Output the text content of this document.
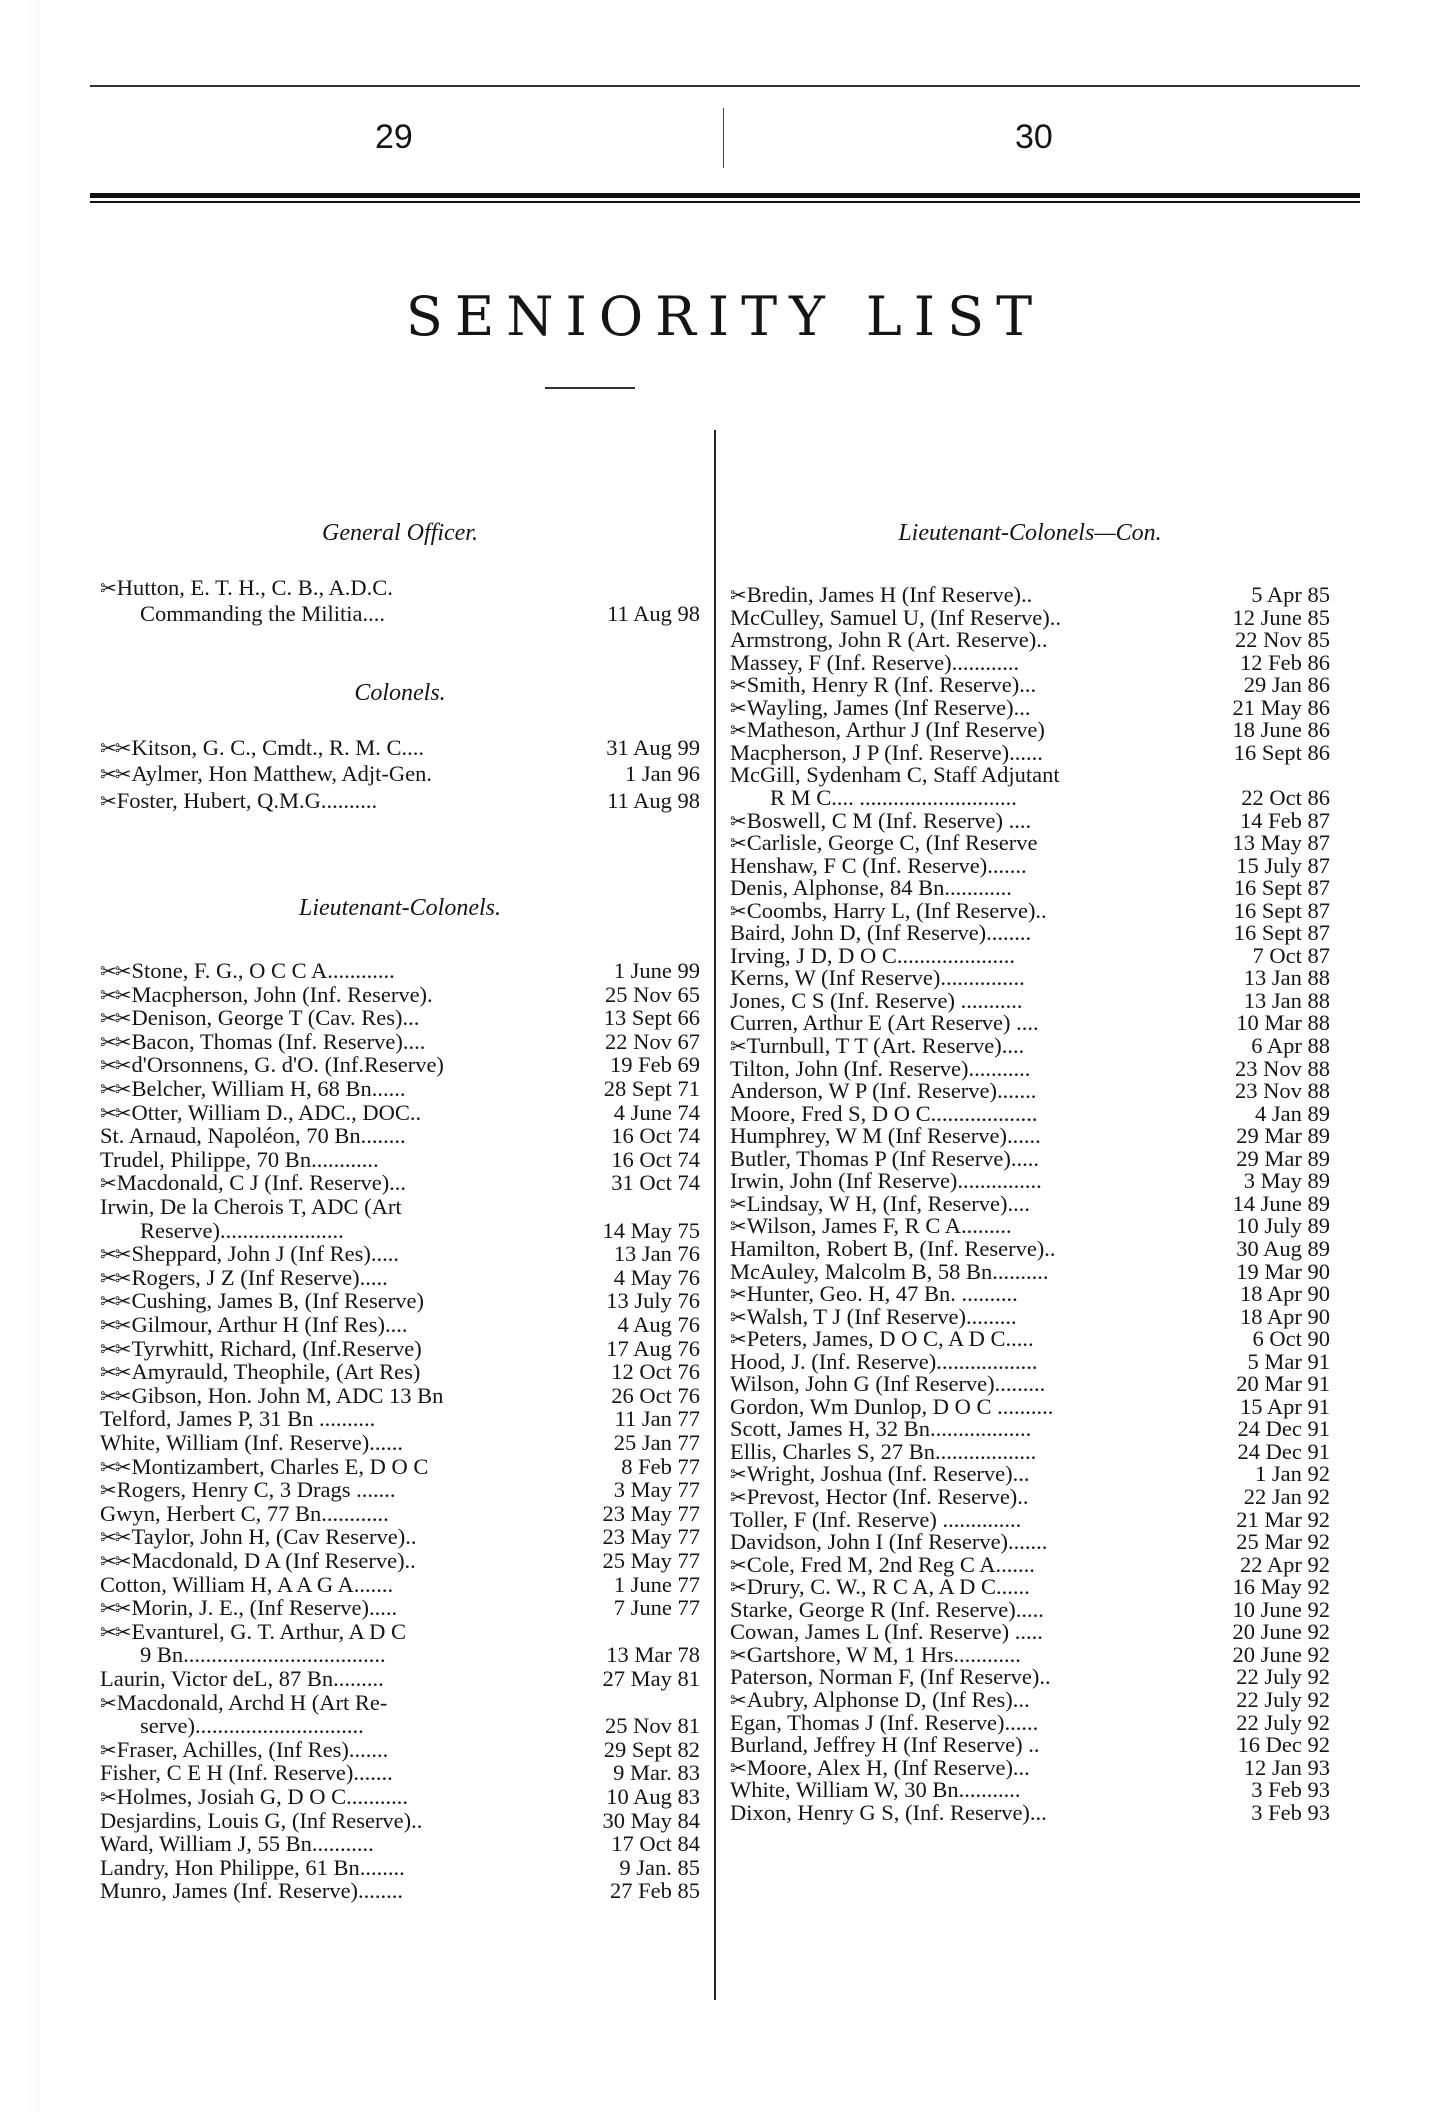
29	30
SENIORITY LIST
General Officer.
✂Hutton, E. T. H., C. B., A.D.C.
Commanding the Militia....	11 Aug 98
Colonels.
✂✂Kitson, G. C., Cmdt., R. M. C....	31 Aug 99
✂✂Aylmer, Hon Matthew, Adjt-Gen.	1 Jan 96
✂Foster, Hubert, Q.M.G..........	11 Aug 98
Lieutenant-Colonels.
✂✂Stone, F. G., O C C A............	1 June 99
✂✂Macpherson, John (Inf. Reserve).	25 Nov 65
✂✂Denison, George T (Cav. Res)...	13 Sept 66
✂✂Bacon, Thomas (Inf. Reserve)....	22 Nov 67
✂✂d'Orsonnens, G. d'O. (Inf.Reserve)	19 Feb 69
✂✂Belcher, William H, 68 Bn......	28 Sept 71
✂✂Otter, William D., ADC., DOC..	4 June 74
St. Arnaud, Napoléon, 70 Bn........	16 Oct 74
Trudel, Philippe, 70 Bn............	16 Oct 74
✂Macdonald, C J (Inf. Reserve)...	31 Oct 74
Irwin, De la Cherois T, ADC (Art
Reserve)......................	14 May 75
✂✂Sheppard, John J (Inf Res).....	13 Jan 76
✂✂Rogers, J Z (Inf Reserve).....	4 May 76
✂✂Cushing, James B, (Inf Reserve)	13 July 76
✂✂Gilmour, Arthur H (Inf Res)....	4 Aug 76
✂✂Tyrwhitt, Richard, (Inf.Reserve)	17 Aug 76
✂✂Amyrauld, Theophile, (Art Res)	12 Oct 76
✂✂Gibson, Hon. John M, ADC 13 Bn	26 Oct 76
Telford, James P, 31 Bn ..........	11 Jan 77
White, William (Inf. Reserve)......	25 Jan 77
✂✂Montizambert, Charles E, D O C	8 Feb 77
✂Rogers, Henry C, 3 Drags .......	3 May 77
Gwyn, Herbert C, 77 Bn............	23 May 77
✂✂Taylor, John H, (Cav Reserve)..	23 May 77
✂✂Macdonald, D A (Inf Reserve)..	25 May 77
Cotton, William H, A A G A.......	1 June 77
✂✂Morin, J. E., (Inf Reserve).....	7 June 77
✂✂Evanturel, G. T. Arthur, A D C
9 Bn....................................	13 Mar 78
Laurin, Victor deL, 87 Bn.........	27 May 81
✂Macdonald, Archd H (Art Re-
serve)..............................	25 Nov 81
✂Fraser, Achilles, (Inf Res).......	29 Sept 82
Fisher, C E H (Inf. Reserve).......	9 Mar. 83
✂Holmes, Josiah G, D O C...........	10 Aug 83
Desjardins, Louis G, (Inf Reserve)..	30 May 84
Ward, William J, 55 Bn...........	17 Oct 84
Landry, Hon Philippe, 61 Bn........	9 Jan. 85
Munro, James (Inf. Reserve)........	27 Feb 85
Lieutenant-Colonels—Con.
✂Bredin, James H (Inf Reserve)..	5 Apr 85
McCulley, Samuel U, (Inf Reserve)..	12 June 85
Armstrong, John R (Art. Reserve)..	22 Nov 85
Massey, F (Inf. Reserve)............	12 Feb 86
✂Smith, Henry R (Inf. Reserve)...	29 Jan 86
✂Wayling, James (Inf Reserve)...	21 May 86
✂Matheson, Arthur J (Inf Reserve)	18 June 86
Macpherson, J P (Inf. Reserve)......	16 Sept 86
McGill, Sydenham C, Staff Adjutant
R M C.... ............................	22 Oct 86
✂Boswell, C M (Inf. Reserve) ....	14 Feb 87
✂Carlisle, George C, (Inf Reserve	13 May 87
Henshaw, F C (Inf. Reserve).......	15 July 87
Denis, Alphonse, 84 Bn............	16 Sept 87
✂Coombs, Harry L, (Inf Reserve)..	16 Sept 87
Baird, John D, (Inf Reserve)........	16 Sept 87
Irving, J D, D O C.....................	7 Oct 87
Kerns, W (Inf Reserve)...............	13 Jan 88
Jones, C S (Inf. Reserve) ...........	13 Jan 88
Curren, Arthur E (Art Reserve) ....	10 Mar 88
✂Turnbull, T T (Art. Reserve)....	6 Apr 88
Tilton, John (Inf. Reserve)...........	23 Nov 88
Anderson, W P (Inf. Reserve).......	23 Nov 88
Moore, Fred S, D O C...................	4 Jan 89
Humphrey, W M (Inf Reserve)......	29 Mar 89
Butler, Thomas P (Inf Reserve).....	29 Mar 89
Irwin, John (Inf Reserve)...............	3 May 89
✂Lindsay, W H, (Inf, Reserve)....	14 June 89
✂Wilson, James F, R C A.........	10 July 89
Hamilton, Robert B, (Inf. Reserve)..	30 Aug 89
McAuley, Malcolm B, 58 Bn..........	19 Mar 90
✂Hunter, Geo. H, 47 Bn. ..........	18 Apr 90
✂Walsh, T J (Inf Reserve).........	18 Apr 90
✂Peters, James, D O C, A D C.....	6 Oct 90
Hood, J. (Inf. Reserve)..................	5 Mar 91
Wilson, John G (Inf Reserve).........	20 Mar 91
Gordon, Wm Dunlop, D O C ..........	15 Apr 91
Scott, James H, 32 Bn..................	24 Dec 91
Ellis, Charles S, 27 Bn..................	24 Dec 91
✂Wright, Joshua (Inf. Reserve)...	1 Jan 92
✂Prevost, Hector (Inf. Reserve)..	22 Jan 92
Toller, F (Inf. Reserve) ..............	21 Mar 92
Davidson, John I (Inf Reserve).......	25 Mar 92
✂Cole, Fred M, 2nd Reg C A.......	22 Apr 92
✂Drury, C. W., R C A, A D C......	16 May 92
Starke, George R (Inf. Reserve).....	10 June 92
Cowan, James L (Inf. Reserve) .....	20 June 92
✂Gartshore, W M, 1 Hrs............	20 June 92
Paterson, Norman F, (Inf Reserve)..	22 July 92
✂Aubry, Alphonse D, (Inf Res)...	22 July 92
Egan, Thomas J (Inf. Reserve)......	22 July 92
Burland, Jeffrey H (Inf Reserve) ..	16 Dec 92
✂Moore, Alex H, (Inf Reserve)...	12 Jan 93
White, William W, 30 Bn...........	3 Feb 93
Dixon, Henry G S, (Inf. Reserve)...	3 Feb 93
